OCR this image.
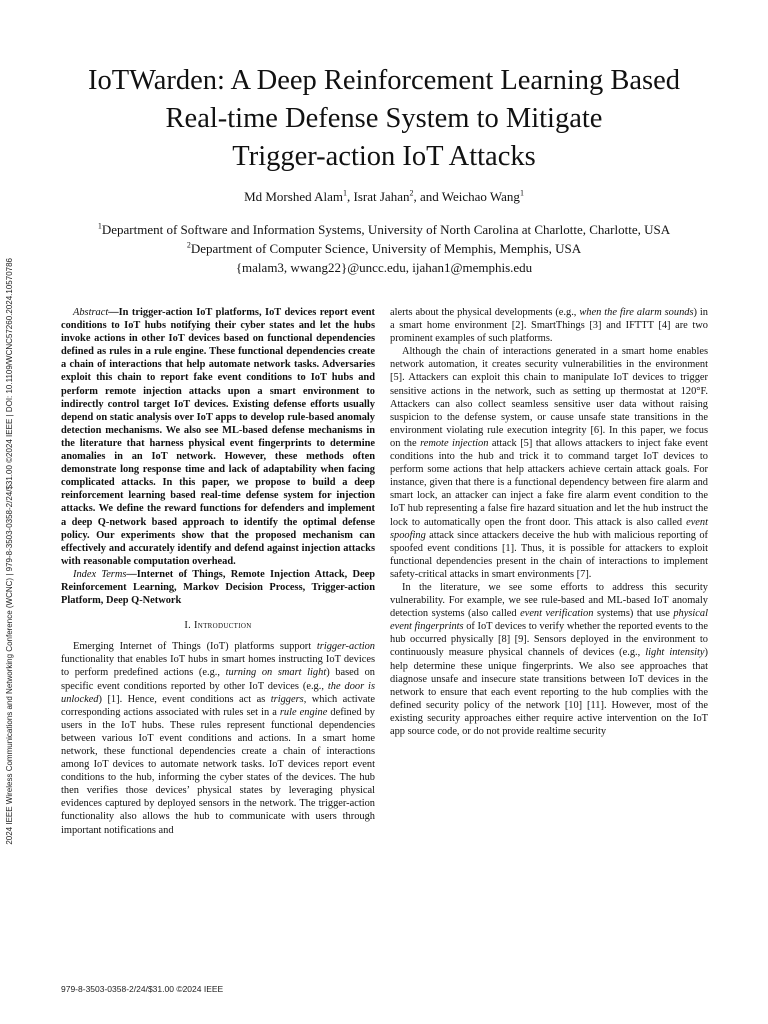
2024 IEEE Wireless Communications and Networking Conference (WCNC) | 979-8-3503-0358-2/24/$31.00 ©2024 IEEE | DOI: 10.1109/WCNC57260.2024.10570786
IoTWarden: A Deep Reinforcement Learning Based
Real-time Defense System to Mitigate
Trigger-action IoT Attacks
Md Morshed Alam$^1$, Israt Jahan$^2$, and Weichao Wang$^1$
$^1$Department of Software and Information Systems, University of North Carolina at Charlotte, Charlotte, USA
$^2$Department of Computer Science, University of Memphis, Memphis, USA
{malam3, wwang22}@uncc.edu, ijahan1@memphis.edu

Abstract—In trigger-action IoT platforms, IoT devices report event conditions to IoT hubs notifying their cyber states and let the hubs invoke actions in other IoT devices based on functional dependencies defined as rules in a rule engine. These functional dependencies create a chain of interactions that help automate network tasks. Adversaries exploit this chain to report fake event conditions to IoT hubs and perform remote injection attacks upon a smart environment to indirectly control target IoT devices. Existing defense efforts usually depend on static analysis over IoT apps to develop rule-based anomaly detection mechanisms. We also see ML-based defense mechanisms in the literature that harness physical event fingerprints to determine anomalies in an IoT network. However, these methods often demonstrate long response time and lack of adaptability when facing complicated attacks. In this paper, we propose to build a deep reinforcement learning based real-time defense system for injection attacks. We define the reward functions for defenders and implement a deep Q-network based approach to identify the optimal defense policy. Our experiments show that the proposed mechanism can effectively and accurately identify and defend against injection attacks with reasonable computation overhead.

Index Terms—Internet of Things, Remote Injection Attack, Deep Reinforcement Learning, Markov Decision Process, Trigger-action Platform, Deep Q-Network

I. Introduction

Emerging Internet of Things (IoT) platforms support trigger-action functionality that enables IoT hubs in smart homes instructing IoT devices to perform predefined actions (e.g., turning on smart light) based on specific event conditions reported by other IoT devices (e.g., the door is unlocked) [1]. Hence, event conditions act as triggers, which activate corresponding actions associated with rules set in a rule engine defined by users in the IoT hubs. These rules represent functional dependencies between various IoT event conditions and actions. In a smart home network, these functional dependencies create a chain of interactions among IoT devices to automate network tasks. IoT devices report event conditions to the hub, informing the cyber states of the devices. The hub then verifies those devices’ physical states by leveraging physical evidences captured by deployed sensors in the network. The trigger-action functionality also allows the hub to communicate with users through important notifications and

alerts about the physical developments (e.g., when the fire alarm sounds) in a smart home environment [2]. SmartThings [3] and IFTTT [4] are two prominent examples of such platforms.

Although the chain of interactions generated in a smart home enables network automation, it creates security vulnerabilities in the environment [5]. Attackers can exploit this chain to manipulate IoT devices to trigger sensitive actions in the network, such as setting up thermostat at 120°F. Attackers can also collect seamless sensitive user data without raising suspicion to the defense system, or cause unsafe state transitions in the environment violating rule execution integrity [6]. In this paper, we focus on the remote injection attack [5] that allows attackers to inject fake event conditions into the hub and trick it to command target IoT devices to perform some actions that help attackers achieve certain attack goals. For instance, given that there is a functional dependency between fire alarm and smart lock, an attacker can inject a fake fire alarm event condition to the IoT hub representing a false fire hazard situation and let the hub instruct the lock to automatically open the front door. This attack is also called event spoofing attack since attackers deceive the hub with malicious reporting of spoofed event conditions [1]. Thus, it is possible for attackers to exploit functional dependencies present in the chain of interactions to implement safety-critical attacks in smart environments [7].

In the literature, we see some efforts to address this security vulnerability. For example, we see rule-based and ML-based IoT anomaly detection systems (also called event verification systems) that use physical event fingerprints of IoT devices to verify whether the reported events to the hub occurred physically [8] [9]. Sensors deployed in the environment to continuously measure physical channels of devices (e.g., light intensity) help determine these unique fingerprints. We also see approaches that diagnose unsafe and insecure state transitions between IoT devices in the network to ensure that each event reporting to the hub complies with the defined security policy of the network [10] [11]. However, most of the existing security approaches either require active intervention on the IoT app source code, or do not provide realtime security

979-8-3503-0358-2/24/$31.00 ©2024 IEEE
